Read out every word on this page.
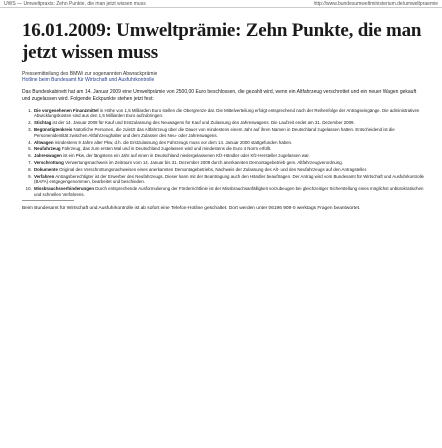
UWS — Umweltpraxis: Zehn Punkte, die man jetzt wissen muss	http://www.bundesumweltministerium.de/umweltpraemie
16.01.2009: Umweltprämie: Zehn Punkte, die man jetzt wissen muss
Pressemitteilung des BMWi zur sogenannten Abwrackprämie
Hotline beim Bundesamt für Wirtschaft und Ausfuhrkontrolle
Das Bundeskabinett hat am 14. Januar 2009 eine Umweltprämie von 2500,00 Euro beschlossen, die gezahlt wird, wenn ein Altfahrzeug verschrottet und ein neuer Wagen gekauft und zugelassen wird. Folgende Eckpunkte stehen jetzt fest:
1. Die vorgesehenen Finanzmittel in Höhe von 1,5 Milliarden Euro stellen die Obergrenze dar. Die Mittelverteilung erfolgt entsprechend nach der Reihenfolge der Antragseingänge. Die administrativen Abwicklungskosten sind aus den 1,5 Milliarden Euro aufzubringen.
2. Stichtag ist der 14. Januar 2009 für Kauf und Erstzulassung des Neuwagens für Kauf und Zulassung des Jahreswagens. Die Laufzeit endet am 31. Dezember 2009.
3. Begünstigtenkreis Natürliche Personen, die zuletzt das Altfahrzeug über die Dauer von mindestens einem Jahr auf ihren Namen in Deutschland zugelassen hatten. Entscheidend ist die Personenidentität zwischen Altfahrzeughalter und dem Zulasser des Neu- oder Jahreswagens.
4. Altwagen mindestens 9 Jahre alter Pkw, d.h. die Erstzulassung des Fahrzeugs muss vor dem 14. Januar 2000 stattgefunden haben.
5. Neufahrzeug Fahrzeug, das zum ersten Mal und in Deutschland zugelassen wird und mindestens die Euro 4 Norm erfüllt.
6. Jahreswagen ist ein Pkw, der längstens ein Jahr auf einen in Deutschland niedergelassenen Kfz-Händler oder Kfz-Hersteller zugelassen war.
7. Verschrottung Verwertungsnachweis im Zeitraum vom 14. Januar bis 31. Dezember 2009 durch anerkannten Demontagebetrieb gem. Altfahrzeugverordnung.
8. Dokumente Original des Verschrottungsnachweises eines anerkannten Demontagebetriebs, Nachweis der Zulassung des Alt- und des Neufahrzeugs auf den Antragsteller.
9. Verfahren Antragsberechtigter ist der Erwerber des Neufahrzeugs. Dieser kann mit der Beantragung auch den Händler beauftragen. Der Antrag wird vom Bundesamt für Wirtschaft und Ausfuhrkontrolle (BAFA) entgegengenommen, bearbeitet und beschieden.
10. Missbrauchsverhinderungen Durch entsprechende Ausformulierung der Förderrichtlinie ist der Missbrauchsanfälligkeit vorzubeugen bei gleichzeitiger Sicherstellung eines möglichst unbürokratischen und schnellen Verfahrens.
Beim Bundesamt für Wirtschaft und Ausfuhrkontrolle ist ab sofort eine Telefon-Hotline geschaltet. Dort werden unter 06196 908-0 werktags Fragen beantwortet.
